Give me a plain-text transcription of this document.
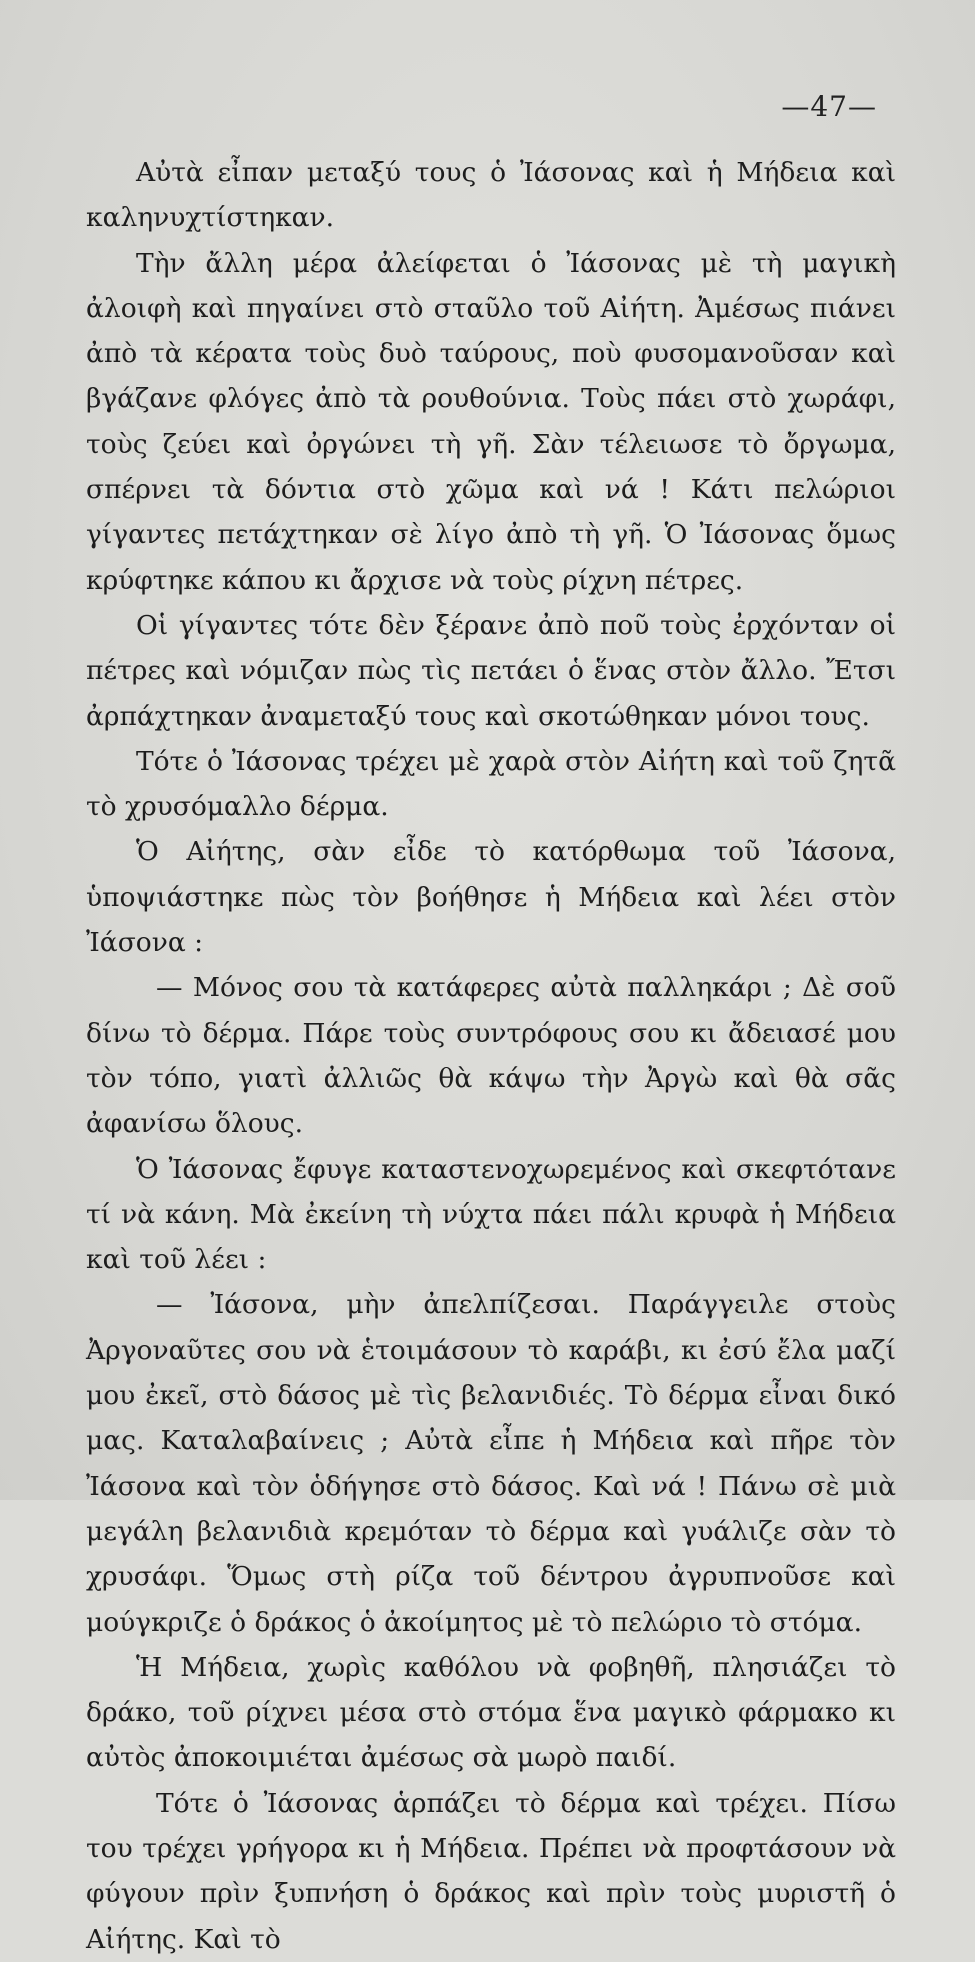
—47—

Αὐτὰ εἶπαν μεταξύ τους ὁ Ἰάσονας καὶ ἡ Μήδεια καὶ καληνυχτίστηκαν.

Τὴν ἄλλη μέρα ἀλείφεται ὁ Ἰάσονας μὲ τὴ μαγικὴ ἀλοιφὴ καὶ πηγαίνει στὸ σταῦλο τοῦ Αἰήτη. Ἀμέσως πιάνει ἀπὸ τὰ κέρατα τοὺς δυὸ ταύρους, ποὺ φυσομανοῦσαν καὶ βγάζανε φλόγες ἀπὸ τὰ ρουθούνια. Τοὺς πάει στὸ χωράφι, τοὺς ζεύει καὶ ὀργώνει τὴ γῆ. Σὰν τέλειωσε τὸ ὄργωμα, σπέρνει τὰ δόντια στὸ χῶμα καὶ νά ! Κάτι πελώριοι γίγαντες πετάχτηκαν σὲ λίγο ἀπὸ τὴ γῆ. Ὁ Ἰάσονας ὅμως κρύφτηκε κάπου κι ἄρχισε νὰ τοὺς ρίχνη πέτρες.

Οἱ γίγαντες τότε δὲν ξέρανε ἀπὸ ποῦ τοὺς ἐρχόνταν οἱ πέτρες καὶ νόμιζαν πὼς τὶς πετάει ὁ ἕνας στὸν ἄλλο. Ἔτσι ἀρπάχτηκαν ἀναμεταξύ τους καὶ σκοτώθηκαν μόνοι τους.

Τότε ὁ Ἰάσονας τρέχει μὲ χαρὰ στὸν Αἰήτη καὶ τοῦ ζητᾶ τὸ χρυσόμαλλο δέρμα.

Ὁ Αἰήτης, σὰν εἶδε τὸ κατόρθωμα τοῦ Ἰάσονα, ὑποψιάστηκε πὼς τὸν βοήθησε ἡ Μήδεια καὶ λέει στὸν Ἰάσονα :

— Μόνος σου τὰ κατάφερες αὐτὰ παλληκάρι ; Δὲ σοῦ δίνω τὸ δέρμα. Πάρε τοὺς συντρόφους σου κι ἄδειασέ μου τὸν τόπο, γιατὶ ἀλλιῶς θὰ κάψω τὴν Ἀργὼ καὶ θὰ σᾶς ἀφανίσω ὅλους.

Ὁ Ἰάσονας ἔφυγε καταστενοχωρεμένος καὶ σκεφτότανε τί νὰ κάνη. Μὰ ἐκείνη τὴ νύχτα πάει πάλι κρυφὰ ἡ Μήδεια καὶ τοῦ λέει :

— Ἰάσονα, μὴν ἀπελπίζεσαι. Παράγγειλε στοὺς Ἀργοναῦτες σου νὰ ἑτοιμάσουν τὸ καράβι, κι ἐσύ ἔλα μαζί μου ἐκεῖ, στὸ δάσος μὲ τὶς βελανιδιές. Τὸ δέρμα εἶναι δικό μας. Καταλαβαίνεις ; Αὐτὰ εἶπε ἡ Μήδεια καὶ πῆρε τὸν Ἰάσονα καὶ τὸν ὁδήγησε στὸ δάσος. Καὶ νά ! Πάνω σὲ μιὰ μεγάλη βελανιδιὰ κρεμόταν τὸ δέρμα καὶ γυάλιζε σὰν τὸ χρυσάφι. Ὅμως στὴ ρίζα τοῦ δέντρου ἀγρυπνοῦσε καὶ μούγκριζε ὁ δράκος ὁ ἀκοίμητος μὲ τὸ πελώριο τὸ στόμα.

Ἡ Μήδεια, χωρὶς καθόλου νὰ φοβηθῆ, πλησιάζει τὸ δράκο, τοῦ ρίχνει μέσα στὸ στόμα ἕνα μαγικὸ φάρμακο κι αὐτὸς ἀποκοιμιέται ἀμέσως σὰ μωρὸ παιδί.

Τότε ὁ Ἰάσονας ἁρπάζει τὸ δέρμα καὶ τρέχει. Πίσω του τρέχει γρήγορα κι ἡ Μήδεια. Πρέπει νὰ προφτάσουν νὰ φύγουν πρὶν ξυπνήση ὁ δράκος καὶ πρὶν τοὺς μυριστῆ ὁ Αἰήτης. Καὶ τὸ
